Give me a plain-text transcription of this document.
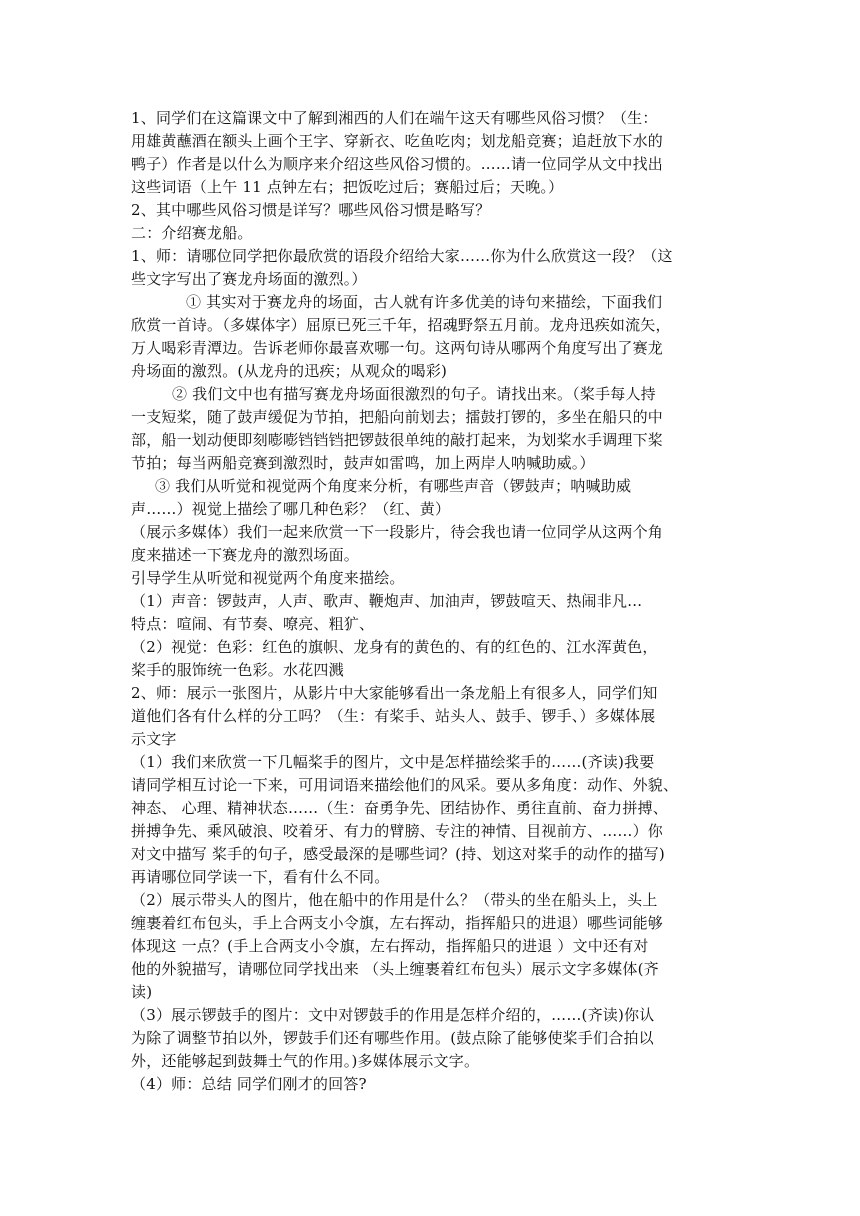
1、同学们在这篇课文中了解到湘西的人们在端午这天有哪些风俗习惯？（生：
用雄黄蘸酒在额头上画个王字、穿新衣、吃鱼吃肉；划龙船竞赛；追赶放下水的
鸭子）作者是以什么为顺序来介绍这些风俗习惯的。……请一位同学从文中找出
这些词语（上午 11 点钟左右；把饭吃过后；赛船过后；天晚。）
2、其中哪些风俗习惯是详写？哪些风俗习惯是略写？
二：介绍赛龙船。
1、师：请哪位同学把你最欣赏的语段介绍给大家……你为什么欣赏这一段？（这
些文字写出了赛龙舟场面的激烈。）
① 其实对于赛龙舟的场面，古人就有许多优美的诗句来描绘，下面我们
欣赏一首诗。（多媒体字）屈原已死三千年，招魂野祭五月前。龙舟迅疾如流矢，
万人喝彩青潭边。告诉老师你最喜欢哪一句。这两句诗从哪两个角度写出了赛龙
舟场面的激烈。(从龙舟的迅疾；从观众的喝彩)
② 我们文中也有描写赛龙舟场面很激烈的句子。请找出来。（桨手每人持
一支短桨，随了鼓声缓促为节拍，把船向前划去；擂鼓打锣的，多坐在船只的中
部，船一划动便即刻嘭嘭铛铛铛把锣鼓很单纯的敲打起来，为划桨水手调理下桨
节拍；每当两船竞赛到激烈时，鼓声如雷鸣，加上两岸人呐喊助威。）
③ 我们从听觉和视觉两个角度来分析，有哪些声音（锣鼓声；呐喊助威
声……）视觉上描绘了哪几种色彩？（红、黄）
（展示多媒体）我们一起来欣赏一下一段影片，待会我也请一位同学从这两个角
度来描述一下赛龙舟的激烈场面。
引导学生从听觉和视觉两个角度来描绘。
（1）声音：锣鼓声，人声、歌声、鞭炮声、加油声，锣鼓喧天、热闹非凡…
特点：喧闹、有节奏、嘹亮、粗犷、
（2）视觉：色彩：红色的旗帜、龙身有的黄色的、有的红色的、江水浑黄色，
桨手的服饰统一色彩。水花四溅
2、师：展示一张图片，从影片中大家能够看出一条龙船上有很多人，同学们知
道他们各有什么样的分工吗？（生：有桨手、站头人、鼓手、锣手、）多媒体展
示文字
（1）我们来欣赏一下几幅桨手的图片，文中是怎样描绘桨手的……(齐读)我要
请同学相互讨论一下来，可用词语来描绘他们的风采。要从多角度：动作、外貌、
神态、 心理、精神状态……（生：奋勇争先、团结协作、勇往直前、奋力拼搏、
拼搏争先、乘风破浪、咬着牙、有力的臂膀、专注的神情、目视前方、……）你
对文中描写 桨手的句子，感受最深的是哪些词？(持、划这对桨手的动作的描写)
再请哪位同学读一下，看有什么不同。
（2）展示带头人的图片，他在船中的作用是什么？（带头的坐在船头上，头上
缠裹着红布包头，手上合两支小令旗，左右挥动，指挥船只的进退）哪些词能够
体现这 一点？(手上合两支小令旗，左右挥动，指挥船只的进退 ）文中还有对
他的外貌描写，请哪位同学找出来 （头上缠裹着红布包头）展示文字多媒体(齐
读)
（3）展示锣鼓手的图片：文中对锣鼓手的作用是怎样介绍的，……(齐读)你认
为除了调整节拍以外，锣鼓手们还有哪些作用。(鼓点除了能够使桨手们合拍以
外，还能够起到鼓舞士气的作用。)多媒体展示文字。
（4）师：总结 同学们刚才的回答?
